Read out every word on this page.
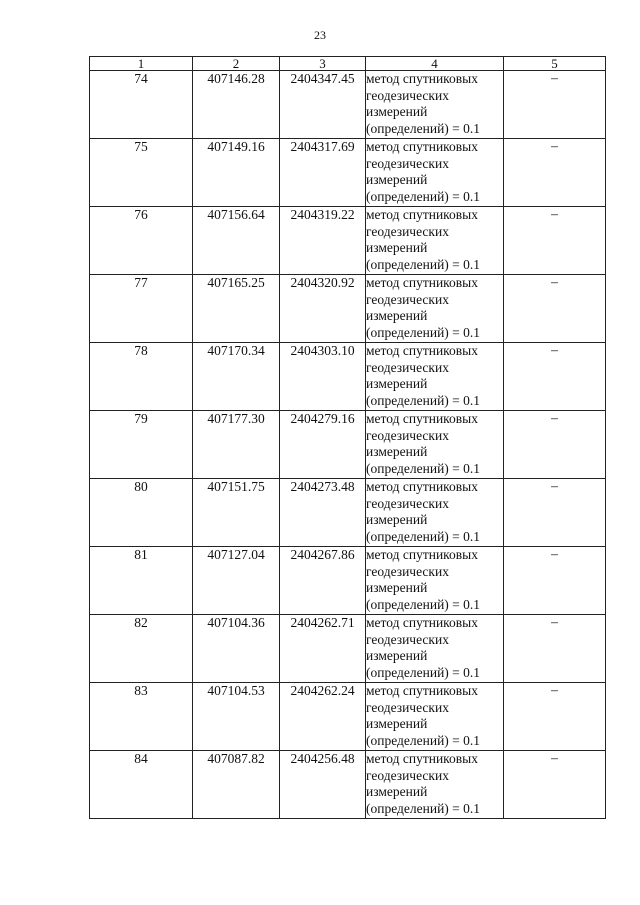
23
1	2	3	4	5
74	407146.28	2404347.45	метод спутниковых геодезических измерений (определений) = 0.1	–
75	407149.16	2404317.69	метод спутниковых геодезических измерений (определений) = 0.1	–
76	407156.64	2404319.22	метод спутниковых геодезических измерений (определений) = 0.1	–
77	407165.25	2404320.92	метод спутниковых геодезических измерений (определений) = 0.1	–
78	407170.34	2404303.10	метод спутниковых геодезических измерений (определений) = 0.1	–
79	407177.30	2404279.16	метод спутниковых геодезических измерений (определений) = 0.1	–
80	407151.75	2404273.48	метод спутниковых геодезических измерений (определений) = 0.1	–
81	407127.04	2404267.86	метод спутниковых геодезических измерений (определений) = 0.1	–
82	407104.36	2404262.71	метод спутниковых геодезических измерений (определений) = 0.1	–
83	407104.53	2404262.24	метод спутниковых геодезических измерений (определений) = 0.1	–
84	407087.82	2404256.48	метод спутниковых геодезических измерений (определений) = 0.1	–
